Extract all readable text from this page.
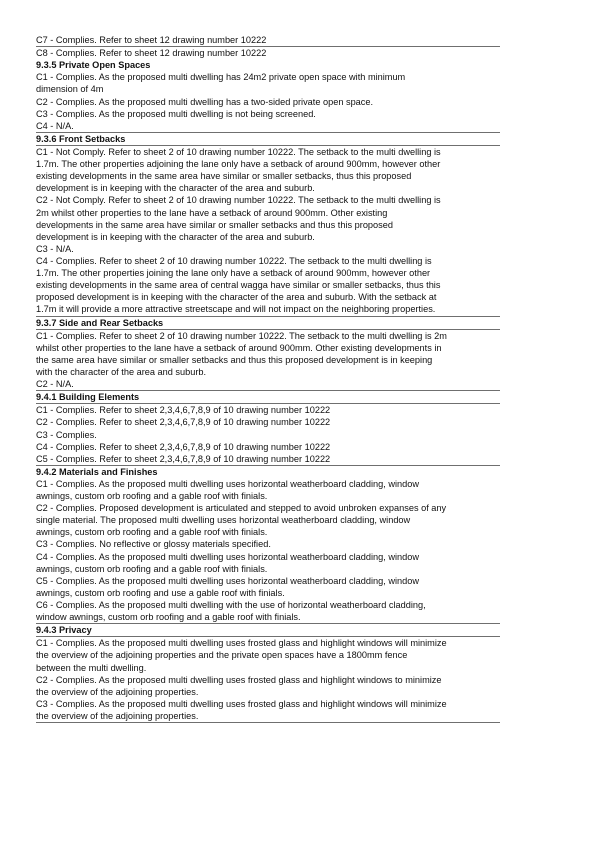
C7 - Complies. Refer to sheet 12 drawing number 10222
C8 - Complies. Refer to sheet 12 drawing number 10222
9.3.5 Private Open Spaces
C1 - Complies. As the proposed multi dwelling has 24m2 private open space with minimum
dimension of 4m
C2 - Complies. As the proposed multi dwelling has a two-sided private open space.
C3 - Complies. As the proposed multi dwelling is not being screened.
C4 - N/A.
9.3.6 Front Setbacks
C1 - Not Comply. Refer to sheet 2 of 10 drawing number 10222. The setback to the multi dwelling is
1.7m. The other properties adjoining the lane only have a setback of around 900mm, however other
existing developments in the same area have similar or smaller setbacks, thus this proposed
development is in keeping with the character of the area and suburb.
C2 - Not Comply. Refer to sheet 2 of 10 drawing number 10222. The setback to the multi dwelling is
2m whilst other properties to the lane have a setback of around 900mm. Other existing
developments in the same area have similar or smaller setbacks and thus this proposed
development is in keeping with the character of the area and suburb.
C3 - N/A.
C4 - Complies. Refer to sheet 2 of 10 drawing number 10222. The setback to the multi dwelling is
1.7m. The other properties joining the lane only have a setback of around 900mm, however other
existing developments in the same area of central wagga have similar or smaller setbacks, thus this
proposed development is in keeping with the character of the area and suburb. With the setback at
1.7m it will provide a more attractive streetscape and will not impact on the neighboring properties.
9.3.7 Side and Rear Setbacks
C1 - Complies. Refer to sheet 2 of 10 drawing number 10222. The setback to the multi dwelling is 2m
whilst other properties to the lane have a setback of around 900mm. Other existing developments in
the same area have similar or smaller setbacks and thus this proposed development is in keeping
with the character of the area and suburb.
C2 - N/A.
9.4.1 Building Elements
C1 - Complies. Refer to sheet 2,3,4,6,7,8,9 of 10 drawing number 10222
C2 - Complies. Refer to sheet 2,3,4,6,7,8,9 of 10 drawing number 10222
C3 - Complies.
C4 - Complies. Refer to sheet 2,3,4,6,7,8,9 of 10 drawing number 10222
C5 - Complies. Refer to sheet 2,3,4,6,7,8,9 of 10 drawing number 10222
9.4.2 Materials and Finishes
C1 - Complies. As the proposed multi dwelling uses horizontal weatherboard cladding, window
awnings, custom orb roofing and a gable roof with finials.
C2 - Complies. Proposed development is articulated and stepped to avoid unbroken expanses of any
single material. The proposed multi dwelling uses horizontal weatherboard cladding, window
awnings, custom orb roofing and a gable roof with finials.
C3 - Complies. No reflective or glossy materials specified.
C4 - Complies. As the proposed multi dwelling uses horizontal weatherboard cladding, window
awnings, custom orb roofing and a gable roof with finials.
C5 - Complies. As the proposed multi dwelling uses horizontal weatherboard cladding, window
awnings, custom orb roofing and use a gable roof with finials.
C6 - Complies. As the proposed multi dwelling with the use of horizontal weatherboard cladding,
window awnings, custom orb roofing and a gable roof with finials.
9.4.3 Privacy
C1 - Complies. As the proposed multi dwelling uses frosted glass and highlight windows will minimize
the overview of the adjoining properties and the private open spaces have a 1800mm fence
between the multi dwelling.
C2 - Complies. As the proposed multi dwelling uses frosted glass and highlight windows to minimize
the overview of the adjoining properties.
C3 - Complies. As the proposed multi dwelling uses frosted glass and highlight windows will minimize
the overview of the adjoining properties.
